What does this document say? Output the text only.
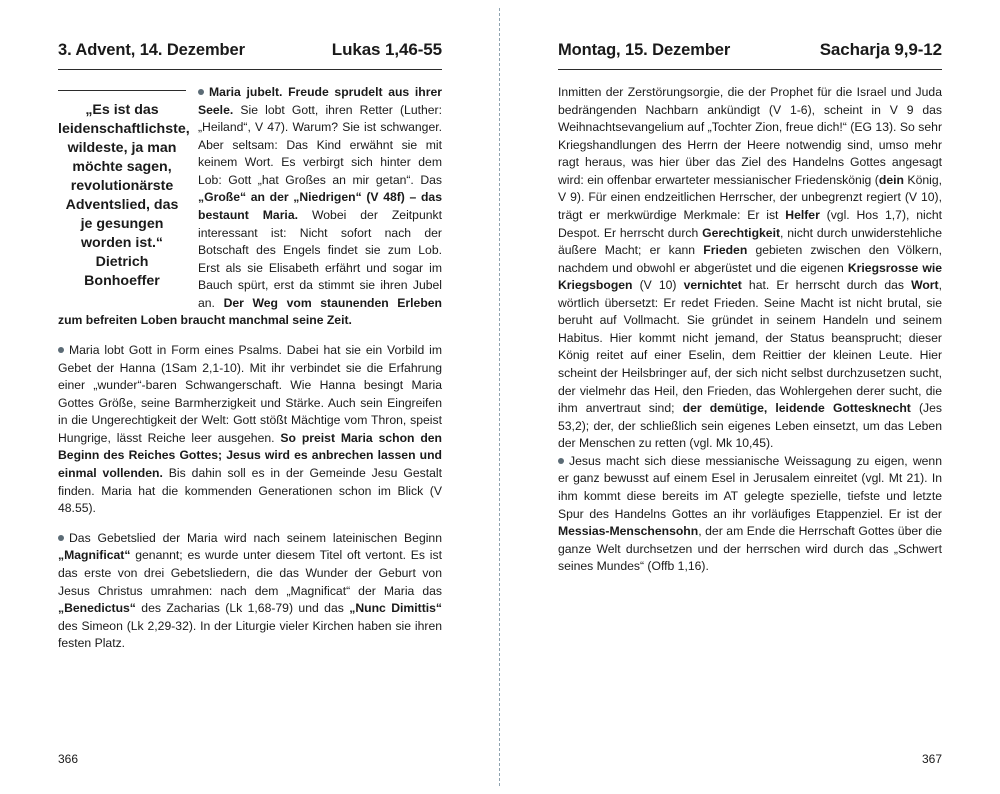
3. Advent, 14. Dezember	Lukas 1,46-55
„Es ist das leidenschaftlichste, wildeste, ja man möchte sagen, revolutionärste Adventslied, das je gesungen worden ist.“
Dietrich Bonhoeffer

Maria jubelt. Freude sprudelt aus ihrer Seele. Sie lobt Gott, ihren Retter (Luther: „Heiland“, V 47). Warum? Sie ist schwanger. Aber seltsam: Das Kind erwähnt sie mit keinem Wort. Es verbirgt sich hinter dem Lob: Gott „hat Großes an mir getan“. Das „Große“ an der „Niedrigen“ (V 48f) – das bestaunt Maria. Wobei der Zeitpunkt interessant ist: Nicht sofort nach der Botschaft des Engels findet sie zum Lob. Erst als sie Elisabeth erfährt und sogar im Bauch spürt, erst da stimmt sie ihren Jubel an. Der Weg vom staunenden Erleben zum befreiten Loben braucht manchmal seine Zeit.

Maria lobt Gott in Form eines Psalms. Dabei hat sie ein Vorbild im Gebet der Hanna (1Sam 2,1-10). Mit ihr verbindet sie die Erfahrung einer „wunder“-baren Schwangerschaft. Wie Hanna besingt Maria Gottes Größe, seine Barmherzigkeit und Stärke. Auch sein Eingreifen in die Ungerechtigkeit der Welt: Gott stößt Mächtige vom Thron, speist Hungrige, lässt Reiche leer ausgehen. So preist Maria schon den Beginn des Reiches Gottes; Jesus wird es anbrechen lassen und einmal vollenden. Bis dahin soll es in der Gemeinde Jesu Gestalt finden. Maria hat die kommenden Generationen schon im Blick (V 48.55).

Das Gebetslied der Maria wird nach seinem lateinischen Beginn „Magnificat“ genannt; es wurde unter diesem Titel oft vertont. Es ist das erste von drei Gebetsliedern, die das Wunder der Geburt von Jesus Christus umrahmen: nach dem „Magnificat“ der Maria das „Benedictus“ des Zacharias (Lk 1,68-79) und das „Nunc Dimittis“ des Simeon (Lk 2,29-32). In der Liturgie vieler Kirchen haben sie ihren festen Platz.

366
Montag, 15. Dezember	Sacharja 9,9-12

Inmitten der Zerstörungsorgie, die der Prophet für die Israel und Juda bedrängenden Nachbarn ankündigt (V 1-6), scheint in V 9 das Weihnachtsevangelium auf „Tochter Zion, freue dich!“ (EG 13). So sehr Kriegshandlungen des Herrn der Heere notwendig sind, umso mehr ragt heraus, was hier über das Ziel des Handelns Gottes angesagt wird: ein offenbar erwarteter messianischer Friedenskönig (dein König, V 9). Für einen endzeitlichen Herrscher, der unbegrenzt regiert (V 10), trägt er merkwürdige Merkmale: Er ist Helfer (vgl. Hos 1,7), nicht Despot. Er herrscht durch Gerechtigkeit, nicht durch unwiderstehliche äußere Macht; er kann Frieden gebieten zwischen den Völkern, nachdem und obwohl er abgerüstet und die eigenen Kriegsrosse wie Kriegsbogen (V 10) vernichtet hat. Er herrscht durch das Wort, wörtlich übersetzt: Er redet Frieden. Seine Macht ist nicht brutal, sie beruht auf Vollmacht. Sie gründet in seinem Handeln und seinem Habitus. Hier kommt nicht jemand, der Status beansprucht; dieser König reitet auf einer Eselin, dem Reittier der kleinen Leute. Hier scheint der Heilsbringer auf, der sich nicht selbst durchzusetzen sucht, der vielmehr das Heil, den Frieden, das Wohlergehen derer sucht, die ihm anvertraut sind; der demütige, leidende Gottesknecht (Jes 53,2); der, der schließlich sein eigenes Leben einsetzt, um das Leben der Menschen zu retten (vgl. Mk 10,45).

Jesus macht sich diese messianische Weissagung zu eigen, wenn er ganz bewusst auf einem Esel in Jerusalem einreitet (vgl. Mt 21). In ihm kommt diese bereits im AT gelegte spezielle, tiefste und letzte Spur des Handelns Gottes an ihr vorläufiges Etappenziel. Er ist der Messias-Menschensohn, der am Ende die Herrschaft Gottes über die ganze Welt durchsetzen und der herrschen wird durch das „Schwert seines Mundes“ (Offb 1,16).

367
